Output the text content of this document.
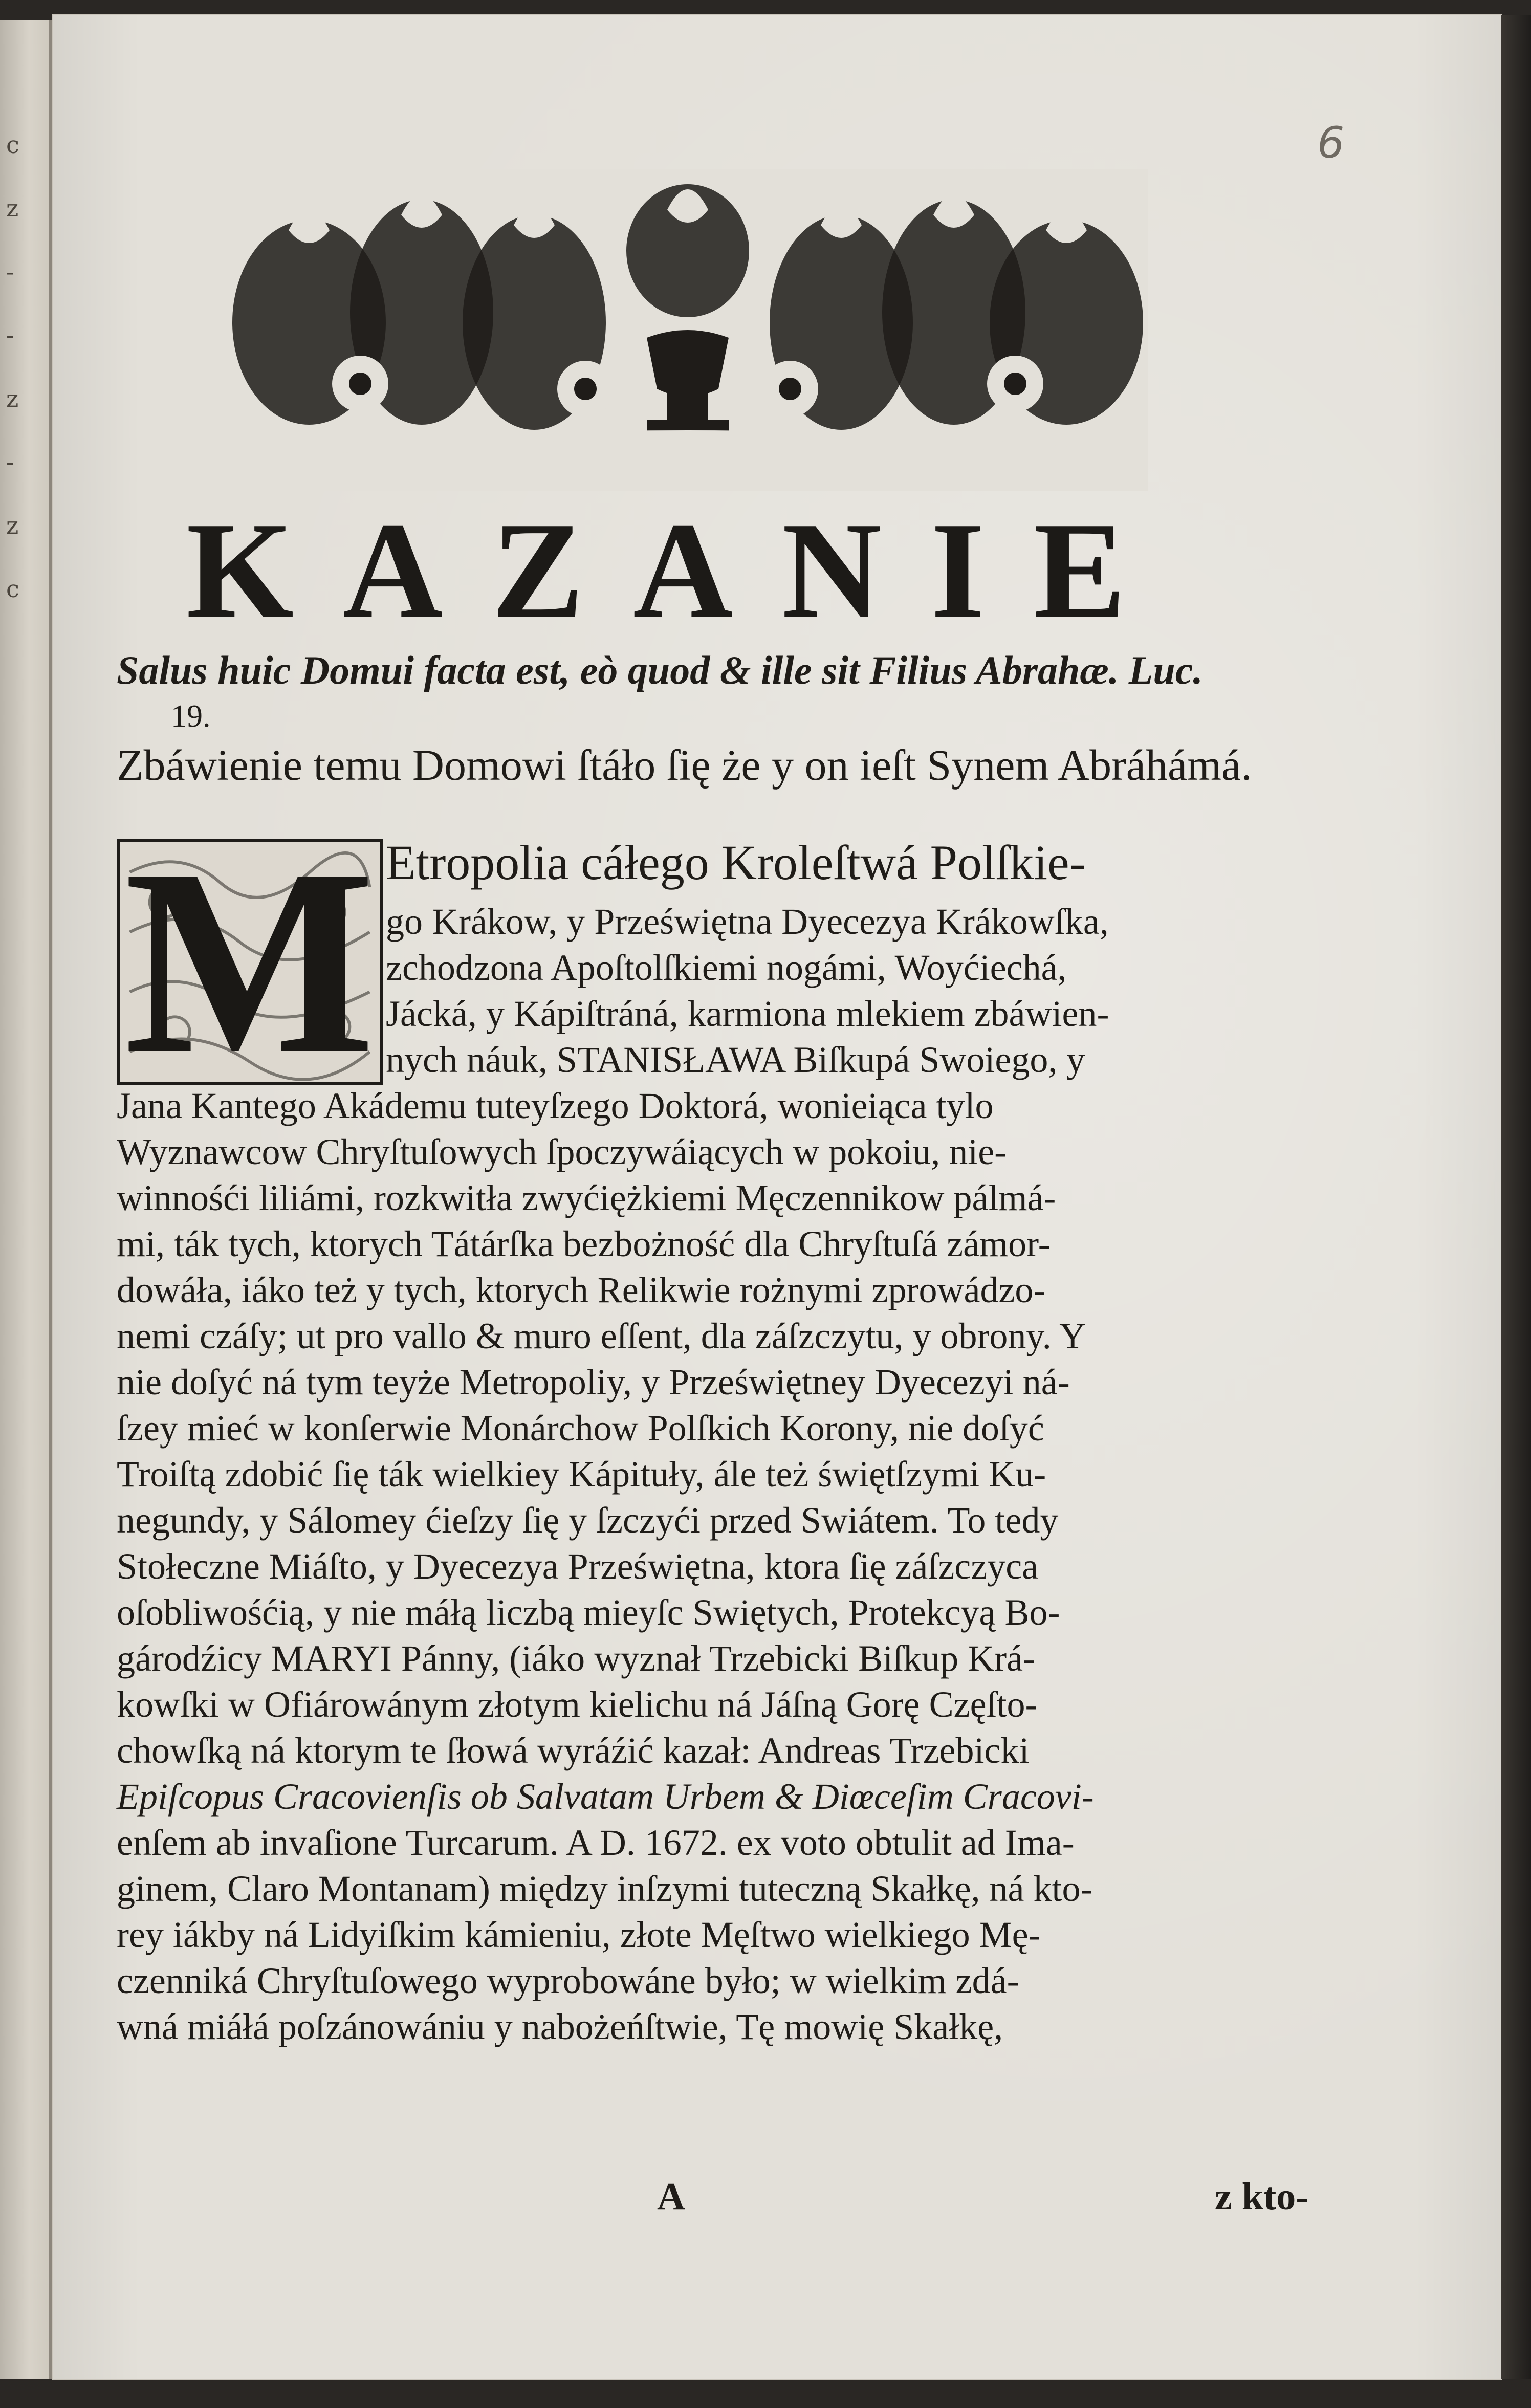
c
z
-
-
z
-
z
c
6
KAZANIE
Salus huic Domui facta est, eò quod & ille sit Filius Abrahæ. Luc.
19.
Zbáwienie temu Domowi ſtáło ſię że y on ieſt Synem Abráhámá.
M Etropolia cáłego Kroleſtwá Polſkie-
go Krákow, y Przeświętna Dyecezya Krákowſka,
zchodzona Apoſtolſkiemi nogámi, Woyćiechá,
Jácká, y Kápiſtráná, karmiona mlekiem zbáwien-
nych náuk, STANISŁAWA Biſkupá Swoiego, y
Jana Kantego Akádemu tuteyſzego Doktorá, wonieiąca tylo
Wyznawcow Chryſtuſowych ſpoczywáiących w pokoiu, nie-
winnośći liliámi, rozkwitła zwyćiężkiemi Męczennikow pálmá-
mi, ták tych, ktorych Tátárſka bezbożność dla Chryſtuſá zámor-
dowáła, iáko też y tych, ktorych Relikwie rożnymi zprowádzo-
nemi czáſy; ut pro vallo & muro eſſent, dla záſzczytu, y obrony. Y
nie doſyć ná tym teyże Metropoliy, y Przeświętney Dyecezyi ná-
ſzey mieć w konſerwie Monárchow Polſkich Korony, nie doſyć
Troiſtą zdobić ſię ták wielkiey Kápituły, ále też świętſzymi Ku-
negundy, y Sálomey ćieſzy ſię y ſzczyći przed Swiátem. To tedy
Stołeczne Miáſto, y Dyecezya Przeświętna, ktora ſię záſzczyca
oſobliwośćią, y nie máłą liczbą mieyſc Swiętych, Protekcyą Bo-
gárodźicy MARYI Pánny, (iáko wyznał Trzebicki Biſkup Krá-
kowſki w Ofiárowánym złotym kielichu ná Jáſną Gorę Częſto-
chowſką ná ktorym te ſłowá wyráźić kazał: Andreas Trzebicki
Epiſcopus Cracovienſis ob Salvatam Urbem & Diœceſim Cracovi-
enſem ab invaſione Turcarum. A D. 1672. ex voto obtulit ad Ima-
ginem, Claro Montanam) między inſzymi tuteczną Skałkę, ná kto-
rey iákby ná Lidyiſkim kámieniu, złote Męſtwo wielkiego Mę-
czenniká Chryſtuſowego wyprobowáne było; w wielkim zdá-
wná miáłá poſzánowániu y nabożeńſtwie, Tę mowię Skałkę,
A	z kto-
